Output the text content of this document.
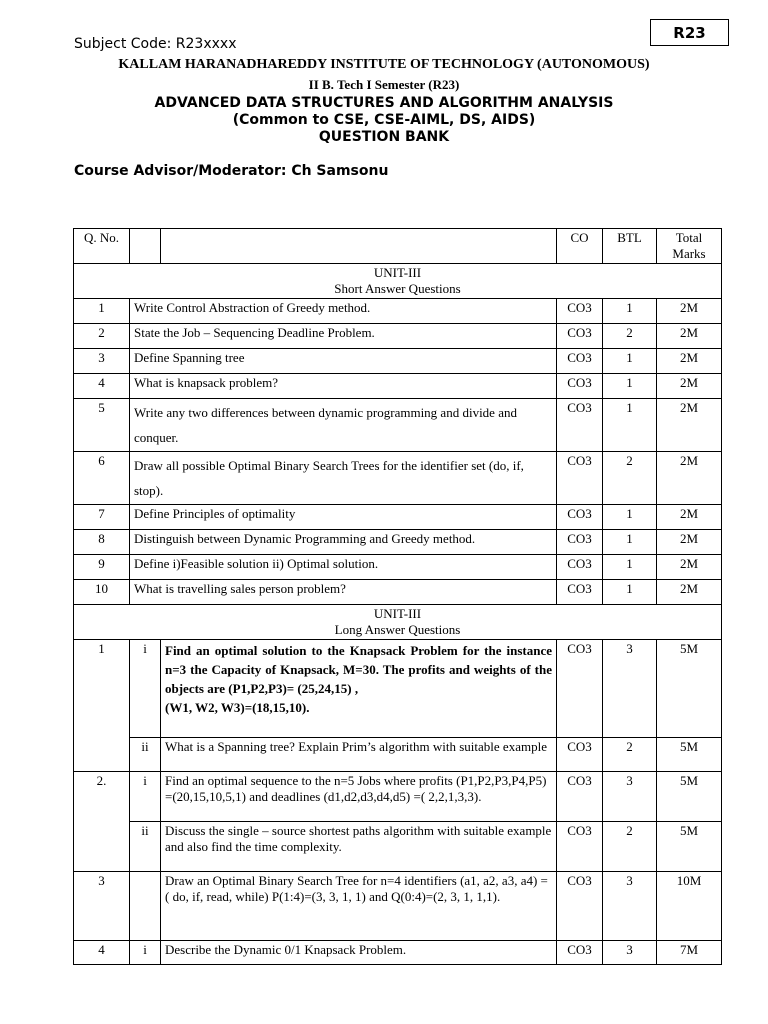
R23
Subject Code: R23xxxx
KALLAM HARANADHAREDDY INSTITUTE OF TECHNOLOGY (AUTONOMOUS)
II B. Tech I Semester (R23)
ADVANCED DATA STRUCTURES AND ALGORITHM ANALYSIS
(Common to CSE, CSE-AIML, DS, AIDS)
QUESTION BANK
Course Advisor/Moderator: Ch Samsonu
Q. No.			CO	BTL	Total Marks

UNIT-III
Short Answer Questions					

1	Write Control Abstraction of Greedy method.		CO3	1	2M
2	State the Job – Sequencing Deadline Problem.		CO3	2	2M
3	Define Spanning tree		CO3	1	2M
4	What is knapsack problem?		CO3	1	2M
5	Write any two differences between dynamic programming and divide and conquer.		CO3	1	2M
6	Draw all possible Optimal Binary Search Trees for the identifier set (do, if, stop).		CO3	2	2M
7	Define Principles of optimality		CO3	1	2M
8	Distinguish between Dynamic Programming and Greedy method.		CO3	1	2M
9	Define i)Feasible solution ii) Optimal solution.		CO3	1	2M
10	What is travelling sales person problem?		CO3	1	2M

UNIT-III
Long Answer Questions					

1	i	Find an optimal solution to the Knapsack Problem for the instance n=3 the Capacity of Knapsack, M=30. The profits and weights of the objects are (P1,P2,P3)= (25,24,15) ,
(W1, W2, W3)=(18,15,10).	CO3	3	5M
	ii	What is a Spanning tree? Explain Prim’s algorithm with suitable example	CO3	2	5M
2.	i	Find an optimal sequence to the n=5 Jobs where profits (P1,P2,P3,P4,P5) =(20,15,10,5,1) and deadlines (d1,d2,d3,d4,d5) =( 2,2,1,3,3).	CO3	3	5M
	ii	Discuss the single – source shortest paths algorithm with suitable example and also find the time complexity.	CO3	2	5M
3		Draw an Optimal Binary Search Tree for n=4 identifiers (a1, a2, a3, a4) = ( do, if, read, while) P(1:4)=(3, 3, 1, 1) and Q(0:4)=(2, 3, 1, 1,1).	CO3	3	10M
4	i	Describe the Dynamic 0/1 Knapsack Problem.	CO3	3	7M
